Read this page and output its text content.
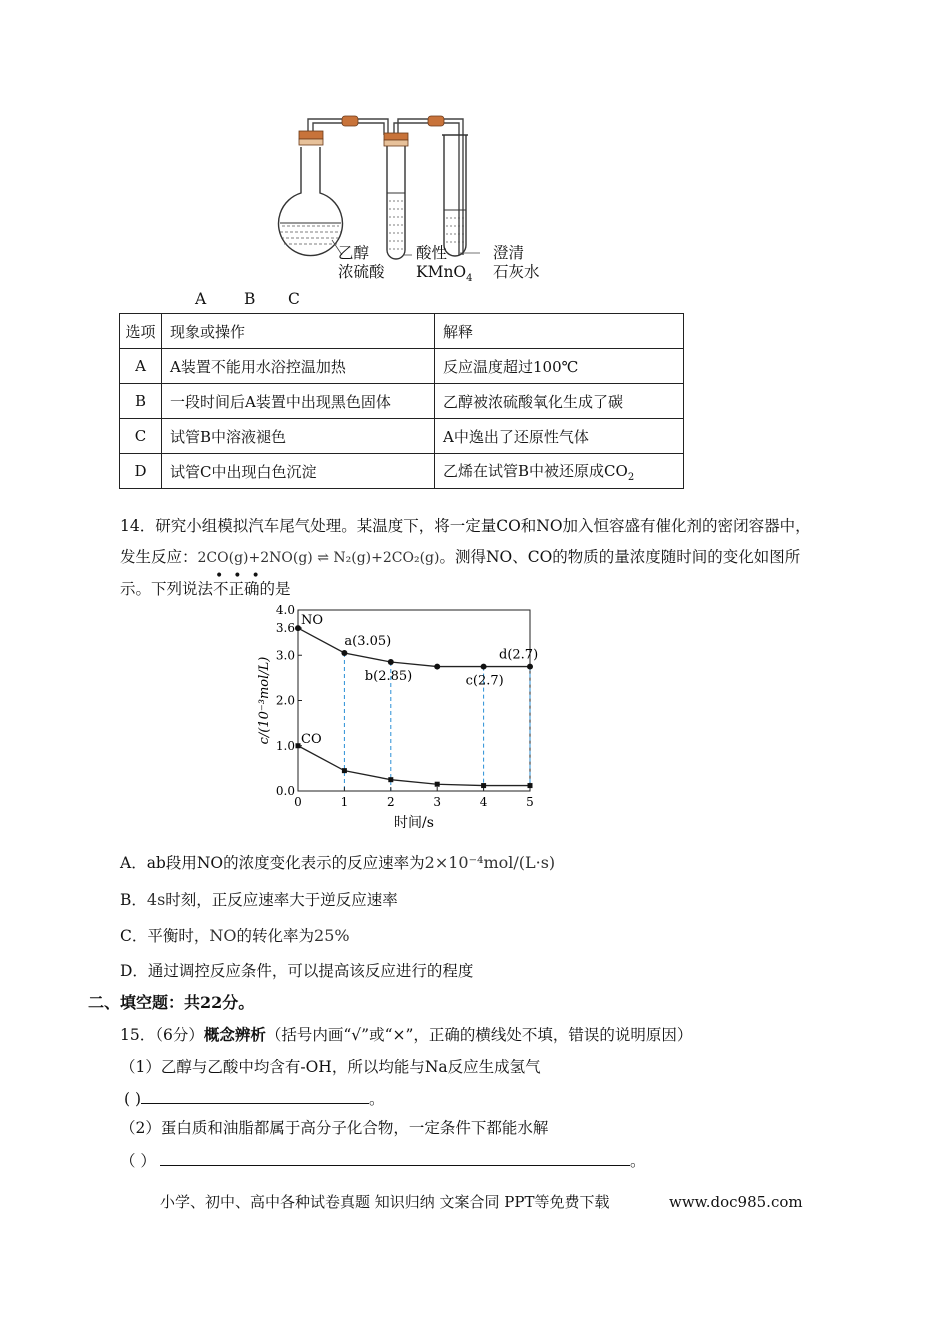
乙醇
浓硫酸
酸性
KMnO$_4$
澄清
石灰水
A B C
选项	现象或操作	解释
A	A装置不能用水浴控温加热	反应温度超过100℃
B	一段时间后A装置中出现黑色固体	乙醇被浓硫酸氧化生成了碳
C	试管B中溶液褪色	A中逸出了还原性气体
D	试管C中出现白色沉淀	乙烯在试管B中被还原成$CO_2$
14．研究小组模拟汽车尾气处理。某温度下，将一定量CO和NO加入恒容盛有催化剂的密闭容器中，
发生反应：2CO(g)+2NO(g) ⇌ N₂(g)+2CO₂(g)。测得NO、CO的物质的量浓度随时间的变化如图所
示。下列说法
•••
不正确的是
0	1	2	3	4	5
0.0
1.0
2.0
3.0
3.6
4.0
时间/s
c/(10⁻³mol/L)
NO
CO
a(3.05)
b(2.85)	c(2.7)
d(2.7)
A．ab段用NO的浓度变化表示的反应速率为2×10⁻⁴mol/(L·s)
B．4s时刻，正反应速率大于逆反应速率
C．平衡时，NO的转化率为25%
D．通过调控反应条件，可以提高该反应进行的程度
二、填空题：共22分。
15．（6分）概念辨析（括号内画“√”或“×”，正确的横线处不填，错误的说明原因）
（1）乙醇与乙酸中均含有-OH，所以均能与Na反应生成氢气
( )	。
（2）蛋白质和油脂都属于高分子化合物，一定条件下都能水解
（ ）	。
小学、初中、高中各种试卷真题 知识归纳 文案合同 PPT等免费下载	www.doc985.com
